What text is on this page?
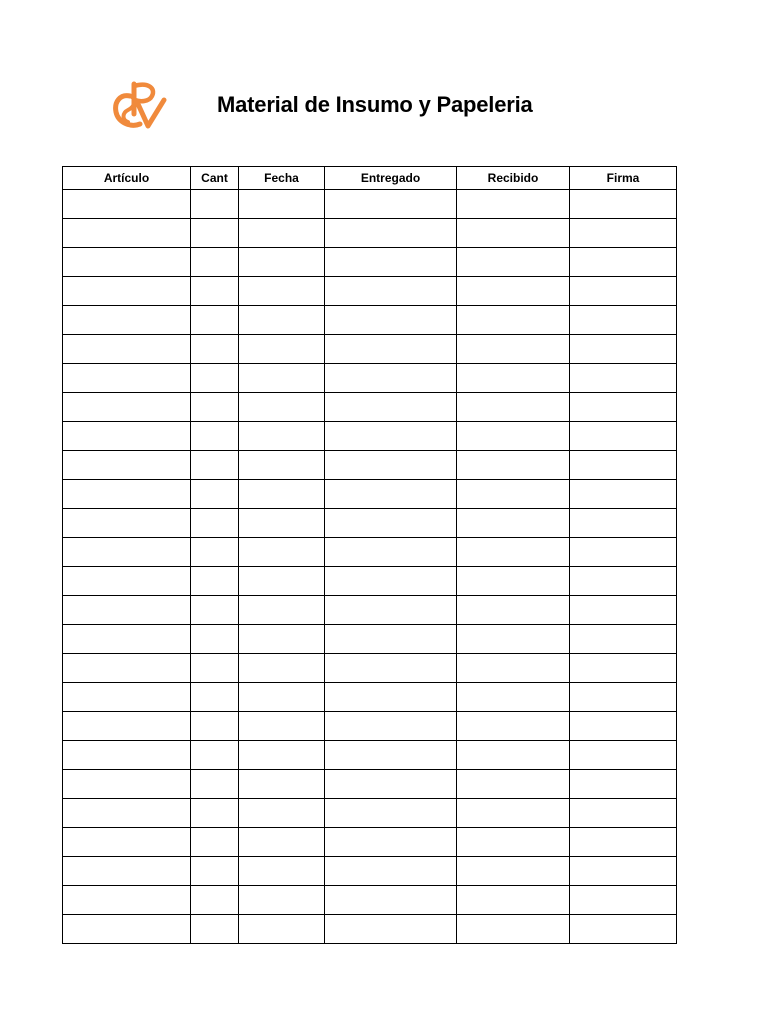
Material de Insumo y Papeleria
Artículo	Cant	Fecha	Entregado	Recibido	Firma
